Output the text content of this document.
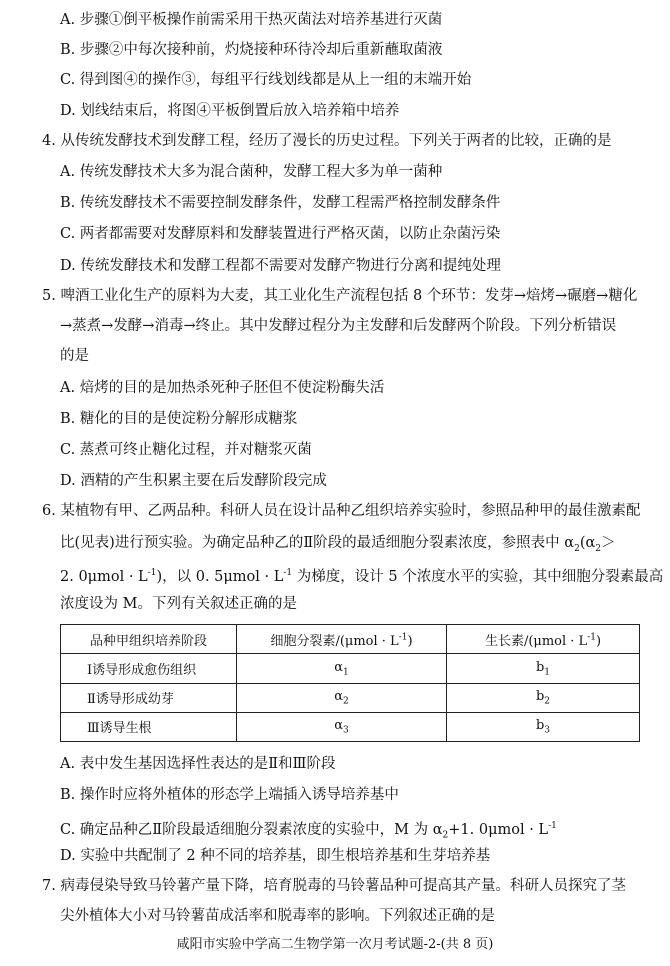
A. 步骤①倒平板操作前需采用干热灭菌法对培养基进行灭菌
B. 步骤②中每次接种前，灼烧接种环待冷却后重新蘸取菌液
C. 得到图④的操作③，每组平行线划线都是从上一组的末端开始
D. 划线结束后，将图④平板倒置后放入培养箱中培养
4. 从传统发酵技术到发酵工程，经历了漫长的历史过程。下列关于两者的比较，正确的是
A. 传统发酵技术大多为混合菌种，发酵工程大多为单一菌种
B. 传统发酵技术不需要控制发酵条件，发酵工程需严格控制发酵条件
C. 两者都需要对发酵原料和发酵装置进行严格灭菌，以防止杂菌污染
D. 传统发酵技术和发酵工程都不需要对发酵产物进行分离和提纯处理
5. 啤酒工业化生产的原料为大麦，其工业化生产流程包括 8 个环节：发芽→焙烤→碾磨→糖化
→蒸煮→发酵→消毒→终止。其中发酵过程分为主发酵和后发酵两个阶段。下列分析错误
的是
A. 焙烤的目的是加热杀死种子胚但不使淀粉酶失活
B. 糖化的目的是使淀粉分解形成糖浆
C. 蒸煮可终止糖化过程，并对糖浆灭菌
D. 酒精的产生积累主要在后发酵阶段完成
6. 某植物有甲、乙两品种。科研人员在设计品种乙组织培养实验时，参照品种甲的最佳激素配
比(见表)进行预实验。为确定品种乙的Ⅱ阶段的最适细胞分裂素浓度，参照表中 $\alpha_2(\alpha_2>$
2. $0\mu mol \cdot L^{-1}$)，以 0. $5\mu mol \cdot L^{-1}$ 为梯度，设计 5 个浓度水平的实验，其中细胞分裂素最高
浓度设为 M。下列有关叙述正确的是
品种甲组织培养阶段	细胞分裂素$/(\mu mol \cdot L^{-1})$	生长素$/(\mu mol \cdot L^{-1})$
Ⅰ诱导形成愈伤组织	$\alpha_1$	$b_1$
Ⅱ诱导形成幼芽	$\alpha_2$	$b_2$
Ⅲ诱导生根	$\alpha_3$	$b_3$
A. 表中发生基因选择性表达的是Ⅱ和Ⅲ阶段
B. 操作时应将外植体的形态学上端插入诱导培养基中
C. 确定品种乙Ⅱ阶段最适细胞分裂素浓度的实验中，M 为 $\alpha_2+1$. $0\mu mol \cdot L^{-1}$
D. 实验中共配制了 2 种不同的培养基，即生根培养基和生芽培养基
7. 病毒侵染导致马铃薯产量下降，培育脱毒的马铃薯品种可提高其产量。科研人员探究了茎
尖外植体大小对马铃薯苗成活率和脱毒率的影响。下列叙述正确的是
咸阳市实验中学高二生物学第一次月考试题-2-(共 8 页)
